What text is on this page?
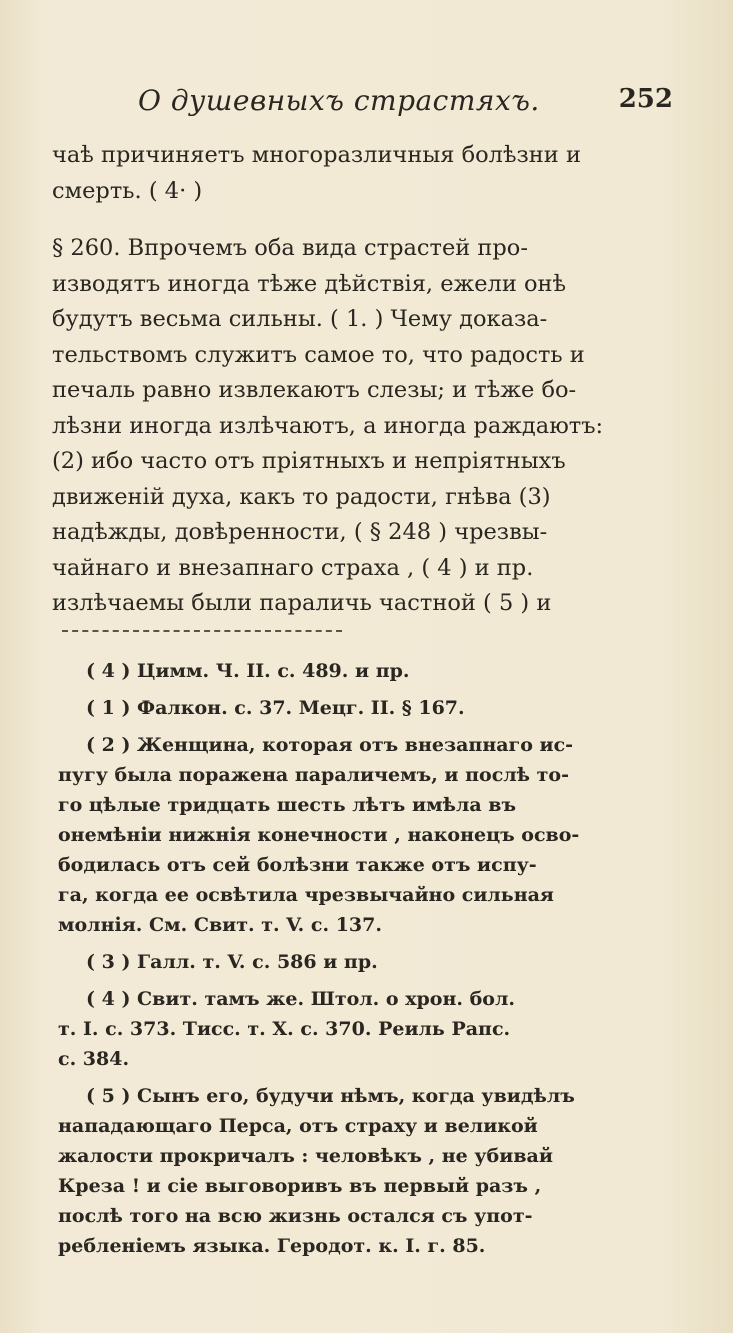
О душевныхъ страстяхъ.	252
чаѣ причиняетъ многоразличныя болѣзни и
смерть. ( 4· )
§ 260. Впрочемъ оба вида страстей про-
изводятъ иногда тѣже дѣйствія, ежели онѣ
будутъ весьма сильны. ( 1. ) Чему доказа-
тельствомъ служитъ самое то, что радость и
печаль равно извлекаютъ слезы; и тѣже бо-
лѣзни иногда излѣчаютъ, а иногда раждаютъ:
(2) ибо часто отъ пріятныхъ и непріятныхъ
движеній духа, какъ то радости, гнѣва (3)
надѣжды, довѣренности, ( § 248 ) чрезвы-
чайнаго и внезапнаго страха , ( 4 ) и пр.
излѣчаемы были параличь частной ( 5 ) и
( 4 ) Цимм. Ч. II. с. 489. и пр.
( 1 ) Фалкон. с. 37. Мецг. II. § 167.
( 2 ) Женщина, которая отъ внезапнаго ис-
пугу была поражена параличемъ, и послѣ то-
го цѣлые тридцать шесть лѣтъ имѣла въ
онемѣніи нижнія конечности , наконецъ осво-
бодилась отъ сей болѣзни также отъ испу-
га, когда ее освѣтила чрезвычайно сильная
молнія. См. Свит. т. V. с. 137.
( 3 ) Галл. т. V. с. 586 и пр.
( 4 ) Свит. тамъ же. Штол. о хрон. бол.
т. I. с. 373. Тисс. т. X. с. 370. Реиль Рапс.
с. 384.
( 5 ) Сынъ его, будучи нѣмъ, когда увидѣлъ
нападающаго Перса, отъ страху и великой
жалости прокричалъ : человѣкъ , не убивай
Креза ! и сіе выговоривъ въ первый разъ ,
послѣ того на всю жизнь остался съ упот-
ребленіемъ языка. Геродот. к. I. г. 85.
